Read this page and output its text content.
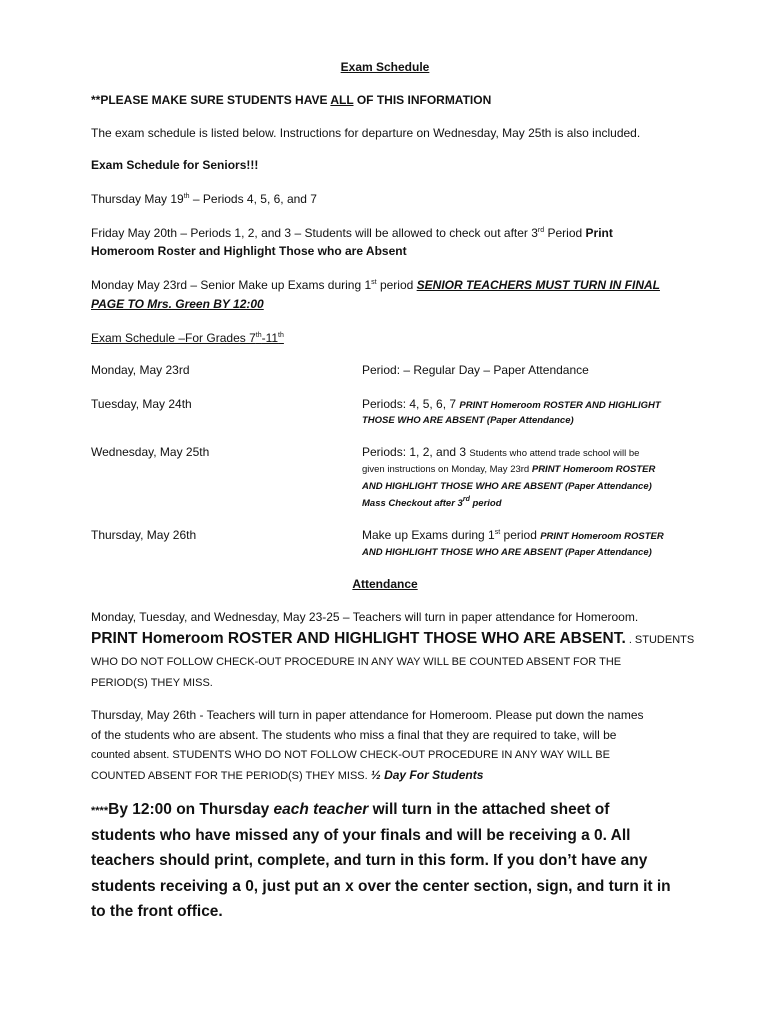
Exam Schedule
**PLEASE MAKE SURE STUDENTS HAVE ALL OF THIS INFORMATION
The exam schedule is listed below. Instructions for departure on Wednesday, May 25th is also included.
Exam Schedule for Seniors!!!
Thursday May 19th – Periods 4, 5, 6, and 7
Friday May 20th – Periods 1, 2, and 3 – Students will be allowed to check out after 3rd Period Print
Homeroom Roster and Highlight Those who are Absent
Monday May 23rd – Senior Make up Exams during 1st period SENIOR TEACHERS MUST TURN IN FINAL
PAGE TO Mrs. Green BY 12:00
Exam Schedule –For Grades 7th-11th
Monday, May 23rd	Period: – Regular Day – Paper Attendance
Tuesday, May 24th	Periods: 4, 5, 6, 7 PRINT Homeroom ROSTER AND HIGHLIGHT
THOSE WHO ARE ABSENT (Paper Attendance)
Wednesday, May 25th	Periods: 1, 2, and 3 Students who attend trade school will be
given instructions on Monday, May 23rd PRINT Homeroom ROSTER
AND HIGHLIGHT THOSE WHO ARE ABSENT (Paper Attendance)
Mass Checkout after 3rd period
Thursday, May 26th	Make up Exams during 1st period PRINT Homeroom ROSTER
AND HIGHLIGHT THOSE WHO ARE ABSENT (Paper Attendance)
Attendance
Monday, Tuesday, and Wednesday, May 23-25 – Teachers will turn in paper attendance for Homeroom.
PRINT Homeroom ROSTER AND HIGHLIGHT THOSE WHO ARE ABSENT. . STUDENTS
WHO DO NOT FOLLOW CHECK-OUT PROCEDURE IN ANY WAY WILL BE COUNTED ABSENT FOR THE
PERIOD(S) THEY MISS.
Thursday, May 26th - Teachers will turn in paper attendance for Homeroom. Please put down the names
of the students who are absent. The students who miss a final that they are required to take, will be
counted absent. STUDENTS WHO DO NOT FOLLOW CHECK-OUT PROCEDURE IN ANY WAY WILL BE
COUNTED ABSENT FOR THE PERIOD(S) THEY MISS. ½ Day For Students
****By 12:00 on Thursday each teacher will turn in the attached sheet of
students who have missed any of your finals and will be receiving a 0. All
teachers should print, complete, and turn in this form. If you don’t have any
students receiving a 0, just put an x over the center section, sign, and turn it in
to the front office.
